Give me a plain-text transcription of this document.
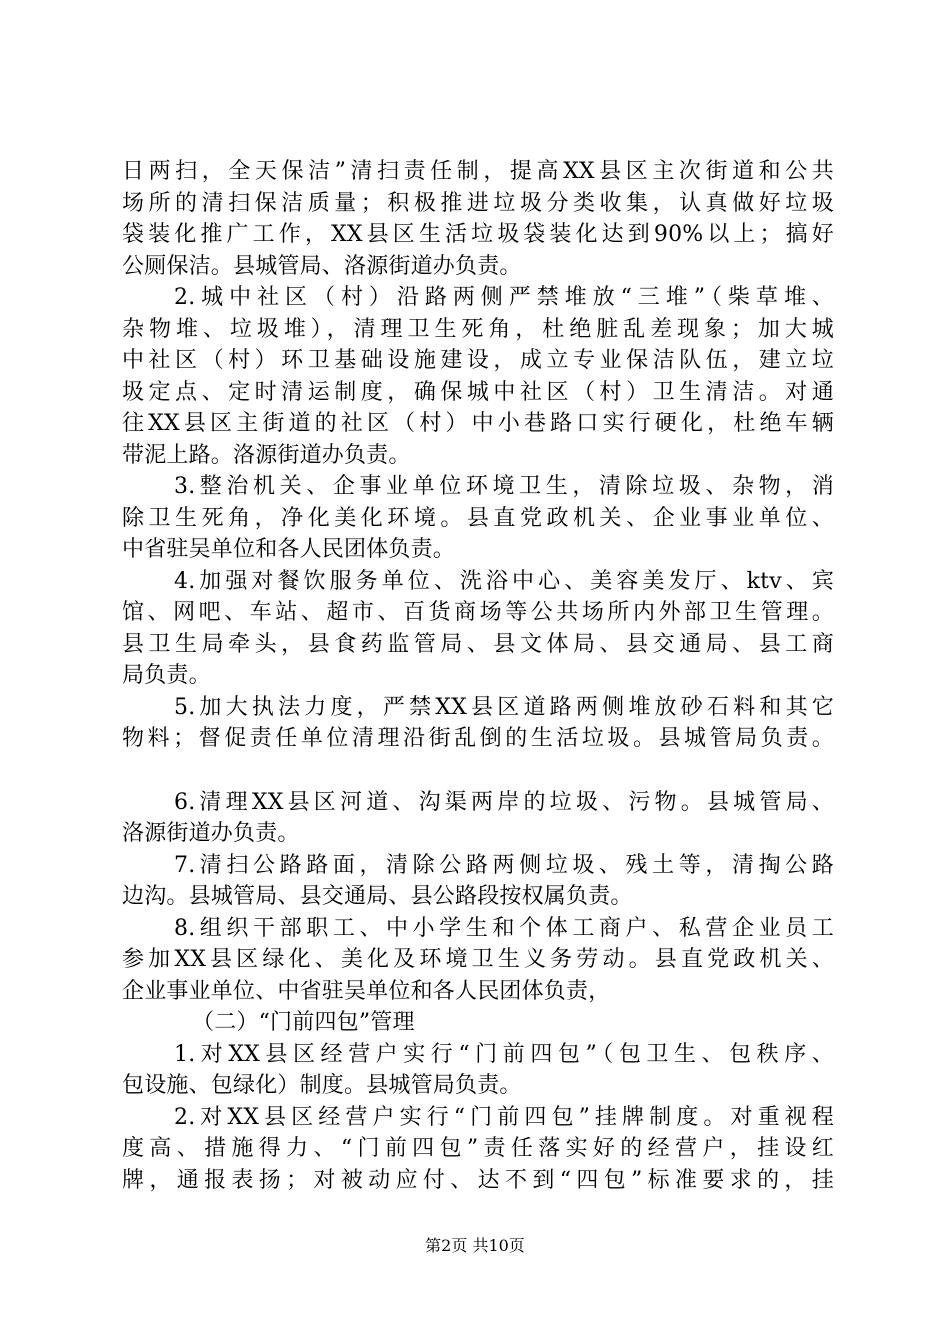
日两扫，全天保洁”清扫责任制，提高XX县区主次街道和公共
场所的清扫保洁质量；积极推进垃圾分类收集，认真做好垃圾
袋装化推广工作，XX县区生活垃圾袋装化达到90%以上；搞好
公厕保洁。县城管局、洛源街道办负责。
2.城中社区（村）沿路两侧严禁堆放“三堆”（柴草堆、
杂物堆、垃圾堆），清理卫生死角，杜绝脏乱差现象；加大城
中社区（村）环卫基础设施建设，成立专业保洁队伍，建立垃
圾定点、定时清运制度，确保城中社区（村）卫生清洁。对通
往XX县区主街道的社区（村）中小巷路口实行硬化，杜绝车辆
带泥上路。洛源街道办负责。
3.整治机关、企事业单位环境卫生，清除垃圾、杂物，消
除卫生死角，净化美化环境。县直党政机关、企业事业单位、
中省驻吴单位和各人民团体负责。
4.加强对餐饮服务单位、洗浴中心、美容美发厅、ktv、宾
馆、网吧、车站、超市、百货商场等公共场所内外部卫生管理。
县卫生局牵头，县食药监管局、县文体局、县交通局、县工商
局负责。
5.加大执法力度，严禁XX县区道路两侧堆放砂石料和其它
物料；督促责任单位清理沿街乱倒的生活垃圾。县城管局负责。
6.清理XX县区河道、沟渠两岸的垃圾、污物。县城管局、
洛源街道办负责。
7.清扫公路路面，清除公路两侧垃圾、残土等，清掏公路
边沟。县城管局、县交通局、县公路段按权属负责。
8.组织干部职工、中小学生和个体工商户、私营企业员工
参加XX县区绿化、美化及环境卫生义务劳动。县直党政机关、
企业事业单位、中省驻吴单位和各人民团体负责，
（二）“门前四包”管理
1.对XX县区经营户实行“门前四包”（包卫生、包秩序、
包设施、包绿化）制度。县城管局负责。
2.对XX县区经营户实行“门前四包”挂牌制度。对重视程
度高、措施得力、“门前四包”责任落实好的经营户，挂设红
牌，通报表扬；对被动应付、达不到“四包”标准要求的，挂
第2页 共10页
